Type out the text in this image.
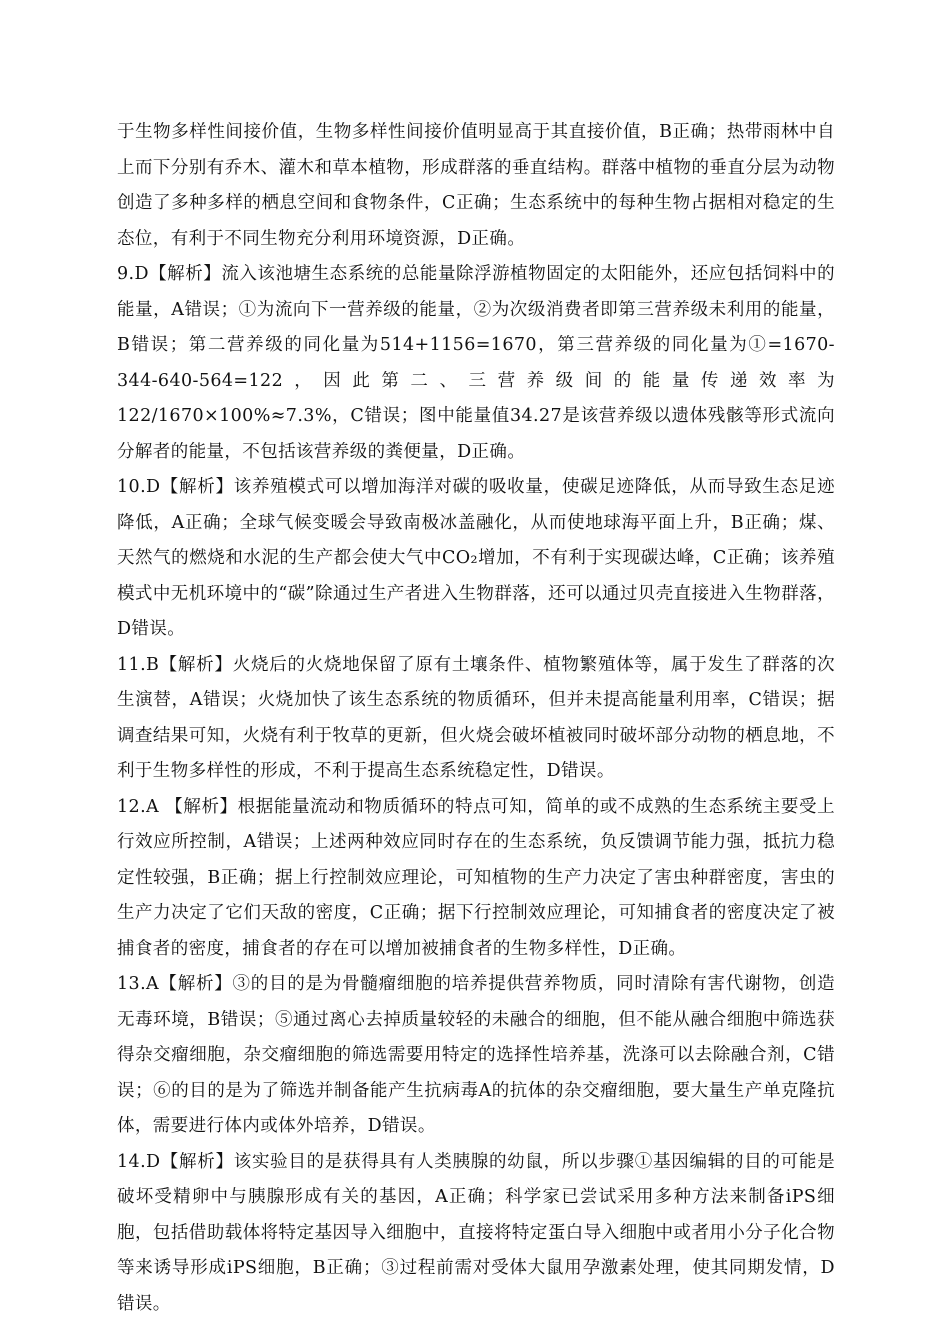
于生物多样性间接价值，生物多样性间接价值明显高于其直接价值，B正确；热带雨林中自上而下分别有乔木、灌木和草本植物，形成群落的垂直结构。群落中植物的垂直分层为动物创造了多种多样的栖息空间和食物条件，C正确；生态系统中的每种生物占据相对稳定的生态位，有利于不同生物充分利用环境资源，D正确。

9.D【解析】流入该池塘生态系统的总能量除浮游植物固定的太阳能外，还应包括饲料中的能量，A错误；①为流向下一营养级的能量，②为次级消费者即第三营养级未利用的能量，B错误；第二营养级的同化量为514+1156=1670，第三营养级的同化量为①=1670-344-640-564=122，因此第二、三营养级间的能量传递效率为122/1670×100%≈7.3%，C错误；图中能量值34.27是该营养级以遗体残骸等形式流向分解者的能量，不包括该营养级的粪便量，D正确。

10.D【解析】该养殖模式可以增加海洋对碳的吸收量，使碳足迹降低，从而导致生态足迹降低，A正确；全球气候变暖会导致南极冰盖融化，从而使地球海平面上升，B正确；煤、天然气的燃烧和水泥的生产都会使大气中CO₂增加，不有利于实现碳达峰，C正确；该养殖模式中无机环境中的“碳”除通过生产者进入生物群落，还可以通过贝壳直接进入生物群落，D错误。

11.B【解析】火烧后的火烧地保留了原有土壤条件、植物繁殖体等，属于发生了群落的次生演替，A错误；火烧加快了该生态系统的物质循环，但并未提高能量利用率，C错误；据调查结果可知，火烧有利于牧草的更新，但火烧会破坏植被同时破坏部分动物的栖息地，不利于生物多样性的形成，不利于提高生态系统稳定性，D错误。

12.A 【解析】根据能量流动和物质循环的特点可知，简单的或不成熟的生态系统主要受上行效应所控制，A错误；上述两种效应同时存在的生态系统，负反馈调节能力强，抵抗力稳定性较强，B正确；据上行控制效应理论，可知植物的生产力决定了害虫种群密度，害虫的生产力决定了它们天敌的密度，C正确；据下行控制效应理论，可知捕食者的密度决定了被捕食者的密度，捕食者的存在可以增加被捕食者的生物多样性，D正确。

13.A【解析】③的目的是为骨髓瘤细胞的培养提供营养物质，同时清除有害代谢物，创造无毒环境，B错误；⑤通过离心去掉质量较轻的未融合的细胞，但不能从融合细胞中筛选获得杂交瘤细胞，杂交瘤细胞的筛选需要用特定的选择性培养基，洗涤可以去除融合剂，C错误；⑥的目的是为了筛选并制备能产生抗病毒A的抗体的杂交瘤细胞，要大量生产单克隆抗体，需要进行体内或体外培养，D错误。

14.D【解析】该实验目的是获得具有人类胰腺的幼鼠，所以步骤①基因编辑的目的可能是破坏受精卵中与胰腺形成有关的基因，A正确；科学家已尝试采用多种方法来制备iPS细胞，包括借助载体将特定基因导入细胞中，直接将特定蛋白导入细胞中或者用小分子化合物等来诱导形成iPS细胞，B正确；③过程前需对受体大鼠用孕激素处理，使其同期发情，D错误。
